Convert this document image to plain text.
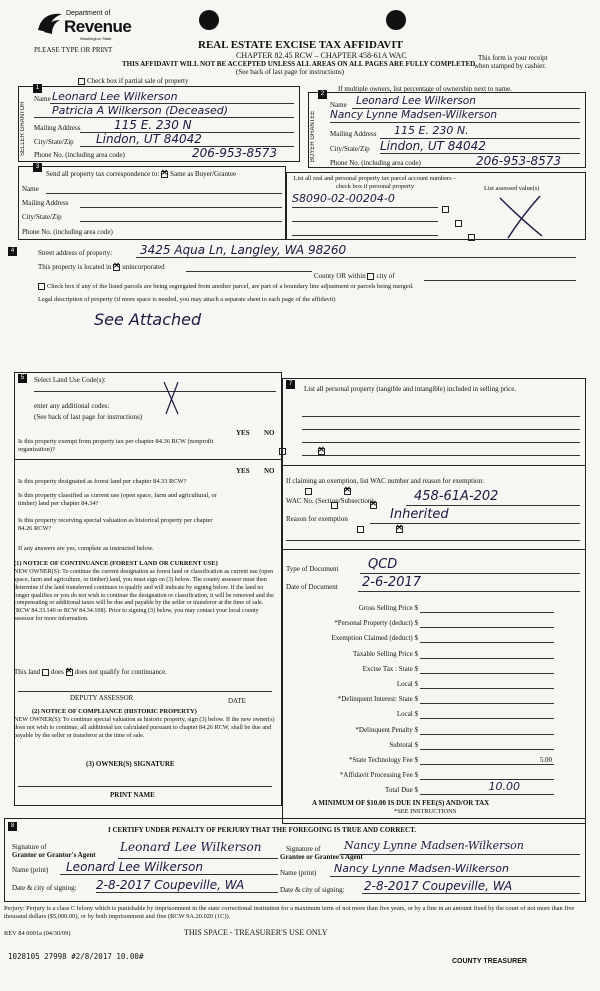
Department of
Revenue
Washington State
PLEASE TYPE OR PRINT	REAL ESTATE EXCISE TAX AFFIDAVIT
CHAPTER 82.45 RCW – CHAPTER 458-61A WAC
THIS AFFIDAVIT WILL NOT BE ACCEPTED UNLESS ALL AREAS ON ALL PAGES ARE FULLY COMPLETED
(See back of last page for instructions)
This form is your receipt
when stamped by cashier.
Check box if partial sale of property
If multiple owners, list percentage of ownership next to name.
1
SELLER GRANTOR
Name Leonard Lee Wilkerson
Patricia A Wilkerson (Deceased)
Mailing Address	115 E. 230 N
City/State/Zip Lindon, UT 84042
Phone No. (including area code)	206-953-8573
2
BUYER GRANTEE
Name Leonard Lee Wilkerson
Nancy Lynne Madsen-Wilkerson
Mailing Address 115 E. 230 N.
City/State/Zip Lindon, UT 84042
Phone No. (including area code)	206-953-8573
3
Send all property tax correspondence to: ✕ Same as Buyer/Grantee
Name
Mailing Address
City/State/Zip
Phone No. (including area code)
List all real and personal property tax parcel account numbers – check box if personal property	List assessed value(s)
S8090-02-00204-0

4	Street address of property: 3425 Aqua Ln, Langley, WA 98260
This property is located in ✕ unincorporated
County OR within city of
Check box if any of the listed parcels are being segregated from another parcel, are part of a boundary line adjustment or parcels being merged.
Legal description of property (if more space is needed, you may attach a separate sheet to each page of the affidavit)
See Attached
5	Select Land Use Code(s):
enter any additional codes:
(See back of last page for instructions)
YES NO
Is this property exempt from property tax per chapter 84.36 RCW (nonprofit organization)?
✕
YES NO
Is this property designated as forest land per chapter 84.33 RCW?
✕
Is this property classified as current use (open space, farm and agricultural, or timber) land per chapter 84.34?
✕
Is this property receiving special valuation as historical property per chapter 84.26 RCW?
✕
If any answers are yes, complete as instructed below.
(1) NOTICE OF CONTINUANCE (FOREST LAND OR CURRENT USE)
NEW OWNER(S): To continue the current designation as forest land or classification as current use (open space, farm and agriculture, or timber) land, you must sign on (3) below. The county assessor must then determine if the land transferred continues to qualify and will indicate by signing below. If the land no longer qualifies or you do not wish to continue the designation or classification, it will be removed and the compensating or additional taxes will be due and payable by the seller or transferor at the time of sale. (RCW 84.33.140 or RCW 84.34.108). Prior to signing (3) below, you may contact your local county assessor for more information.
This land does ✕ does not qualify for continuance.
DEPUTY ASSESSOR	DATE
(2) NOTICE OF COMPLIANCE (HISTORIC PROPERTY)
NEW OWNER(S): To continue special valuation as historic property, sign (3) below. If the new owner(s) does not wish to continue, all additional tax calculated pursuant to chapter 84.26 RCW, shall be due and payable by the seller or transferor at the time of sale.
(3) OWNER(S) SIGNATURE
PRINT NAME
7
List all personal property (tangible and intangible) included in selling price.
If claiming an exemption, list WAC number and reason for exemption:
WAC No. (Section/Subsection)	458-61A-202
Reason for exemption	Inherited
Type of Document QCD
Date of Document 2-6-2017
Gross Selling Price $
*Personal Property (deduct) $
Exemption Claimed (deduct) $
Taxable Selling Price $
Excise Tax : State $
Local $
*Delinquent Interest: State $
Local $
*Delinquent Penalty $
Subtotal $
*State Technology Fee $	5.00
*Affidavit Processing Fee $
Total Due $	10.00
A MINIMUM OF $10.00 IS DUE IN FEE(S) AND/OR TAX
*SEE INSTRUCTIONS
8	I CERTIFY UNDER PENALTY OF PERJURY THAT THE FOREGOING IS TRUE AND CORRECT.
Signature of
Grantor or Grantor's Agent
Leonard Lee Wilkerson
Name (print) Leonard Lee Wilkerson
Date & city of signing: 2-8-2017 Coupeville, WA
Signature of
Grantee or Grantee's Agent
Nancy Lynne Madsen-Wilkerson
Name (print) Nancy Lynne Madsen-Wilkerson
Date & city of signing: 2-8-2017 Coupeville, WA
Perjury: Perjury is a class C felony which is punishable by imprisonment in the state correctional institution for a maximum term of not more than five years, or by a fine in an amount fixed by the court of not more than five thousand dollars ($5,000.00), or by both imprisonment and fine (RCW 9A.20.020 (1C)).
REV 84 0001a (04/30/09)	THIS SPACE - TREASURER'S USE ONLY
1028105 27998 #2/8/2017 10.00#
COUNTY TREASURER
